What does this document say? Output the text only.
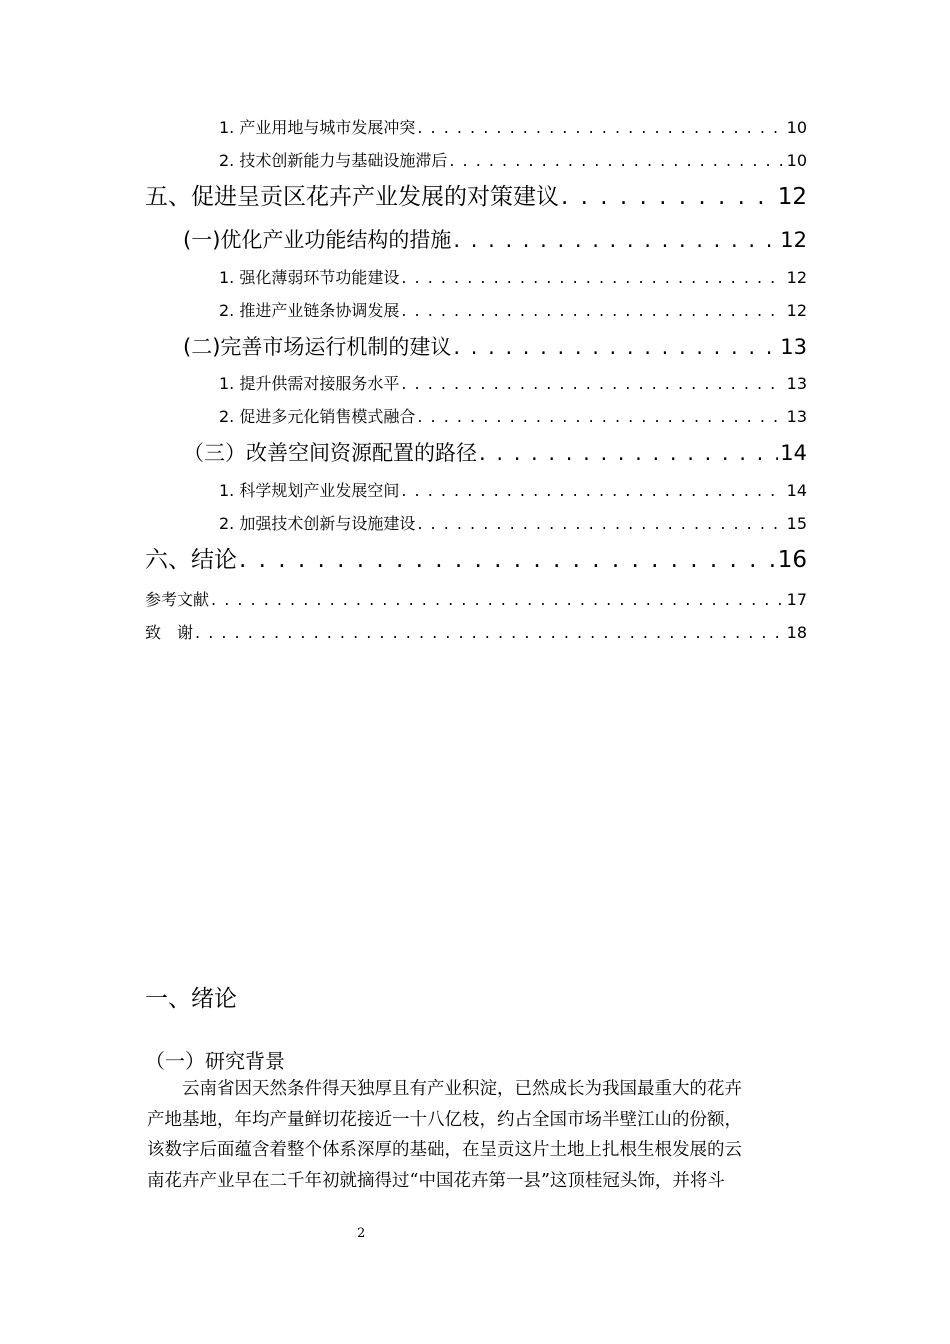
1. 产业用地与城市发展冲突 . . .	10
2. 技术创新能力与基础设施滞后 . . .	10
五、促进呈贡区花卉产业发展的对策建议 . . .	12
(一)优化产业功能结构的措施 . . .	12
1. 强化薄弱环节功能建设 . . .	12
2. 推进产业链条协调发展 . . .	12
(二)完善市场运行机制的建议 . . .	13
1. 提升供需对接服务水平 . . .	13
2. 促进多元化销售模式融合 . . .	13
（三）改善空间资源配置的路径 . . .	14
1. 科学规划产业发展空间 . . .	14
2. 加强技术创新与设施建设 . . .	15
六、结论 . . .	16
参考文献 . . .	17
致　谢 . . .	18
一、绪论
（一）研究背景
云南省因天然条件得天独厚且有产业积淀，已然成长为我国最重大的花卉
产地基地，年均产量鲜切花接近一十八亿枝，约占全国市场半壁江山的份额，
该数字后面蕴含着整个体系深厚的基础，在呈贡这片土地上扎根生根发展的云
南花卉产业早在二千年初就摘得过“中国花卉第一县”这顶桂冠头饰，并将斗
2
